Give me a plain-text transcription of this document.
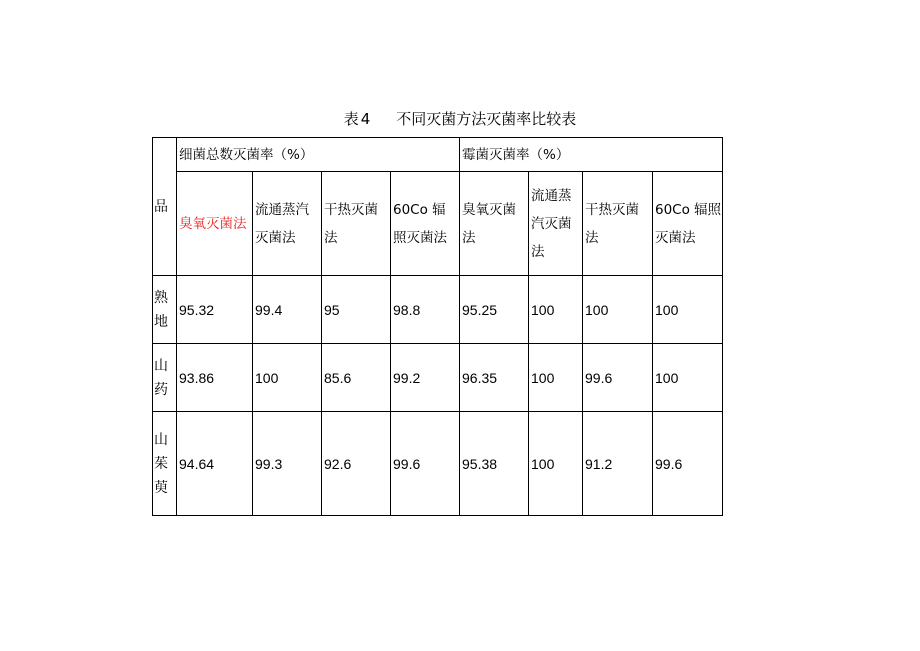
表 4 不同灭菌方法灭菌率比较表
品	细菌总数灭菌率（%）				霉菌灭菌率（%）			
	臭氧灭菌法	流通蒸汽灭菌法	干热灭菌法	60Co 辐照灭菌法	臭氧灭菌法	流通蒸汽灭菌法	干热灭菌法	60Co 辐照灭菌法
熟地	95.32	99.4	95	98.8	95.25	100	100	100
山药	93.86	100	85.6	99.2	96.35	100	99.6	100
山茱萸	94.64	99.3	92.6	99.6	95.38	100	91.2	99.6
